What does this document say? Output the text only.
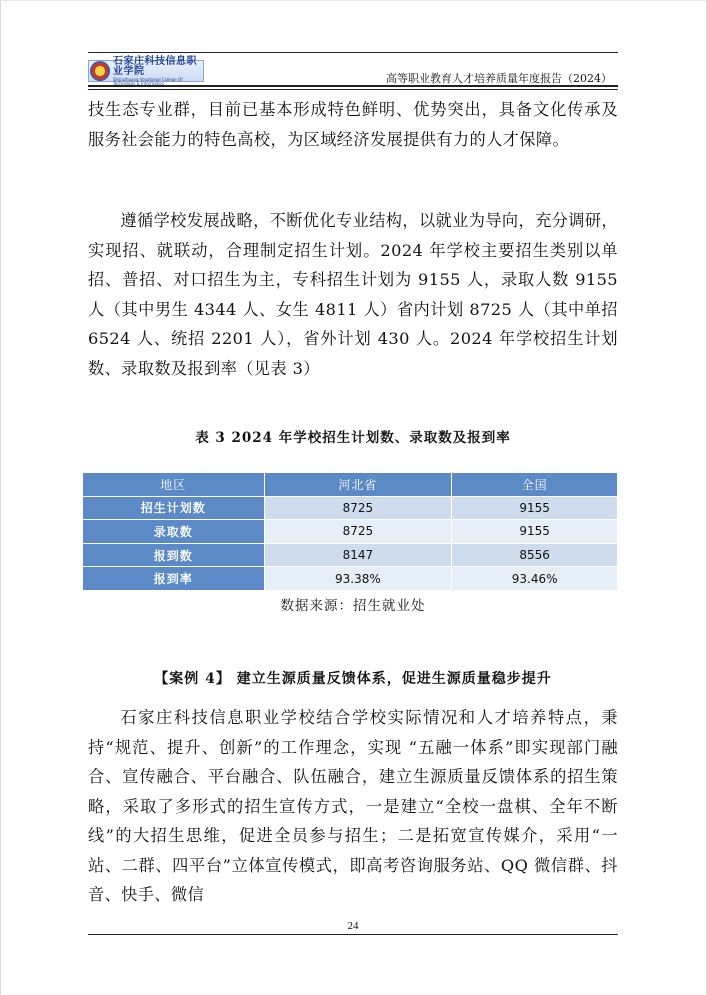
石家庄科技信息职业学院
Shijiazhuang Vocational College Of Technology & Information	高等职业教育人才培养质量年度报告（2024）

技生态专业群，目前已基本形成特色鲜明、优势突出，具备文化传承及服务社会能力的特色高校，为区域经济发展提供有力的人才保障。

遵循学校发展战略，不断优化专业结构，以就业为导向，充分调研，实现招、就联动，合理制定招生计划。2024 年学校主要招生类别以单招、普招、对口招生为主，专科招生计划为 9155 人，录取人数 9155 人（其中男生 4344 人、女生 4811 人）省内计划 8725 人（其中单招 6524 人、统招 2201 人），省外计划 430 人。2024 年学校招生计划数、录取数及报到率（见表 3）

表 3 2024 年学校招生计划数、录取数及报到率
地区	河北省	全国
招生计划数	8725	9155
录取数	8725	9155
报到数	8147	8556
报到率	93.38%	93.46%
数据来源：招生就业处
【案例 4】 建立生源质量反馈体系，促进生源质量稳步提升

石家庄科技信息职业学校结合学校实际情况和人才培养特点，秉持“规范、提升、创新”的工作理念，实现 “五融一体系”即实现部门融合、宣传融合、平台融合、队伍融合，建立生源质量反馈体系的招生策略，采取了多形式的招生宣传方式，一是建立“全校一盘棋、全年不断线”的大招生思维，促进全员参与招生；二是拓宽宣传媒介，采用“一站、二群、四平台”立体宣传模式，即高考咨询服务站、QQ 微信群、抖音、快手、微信

24
